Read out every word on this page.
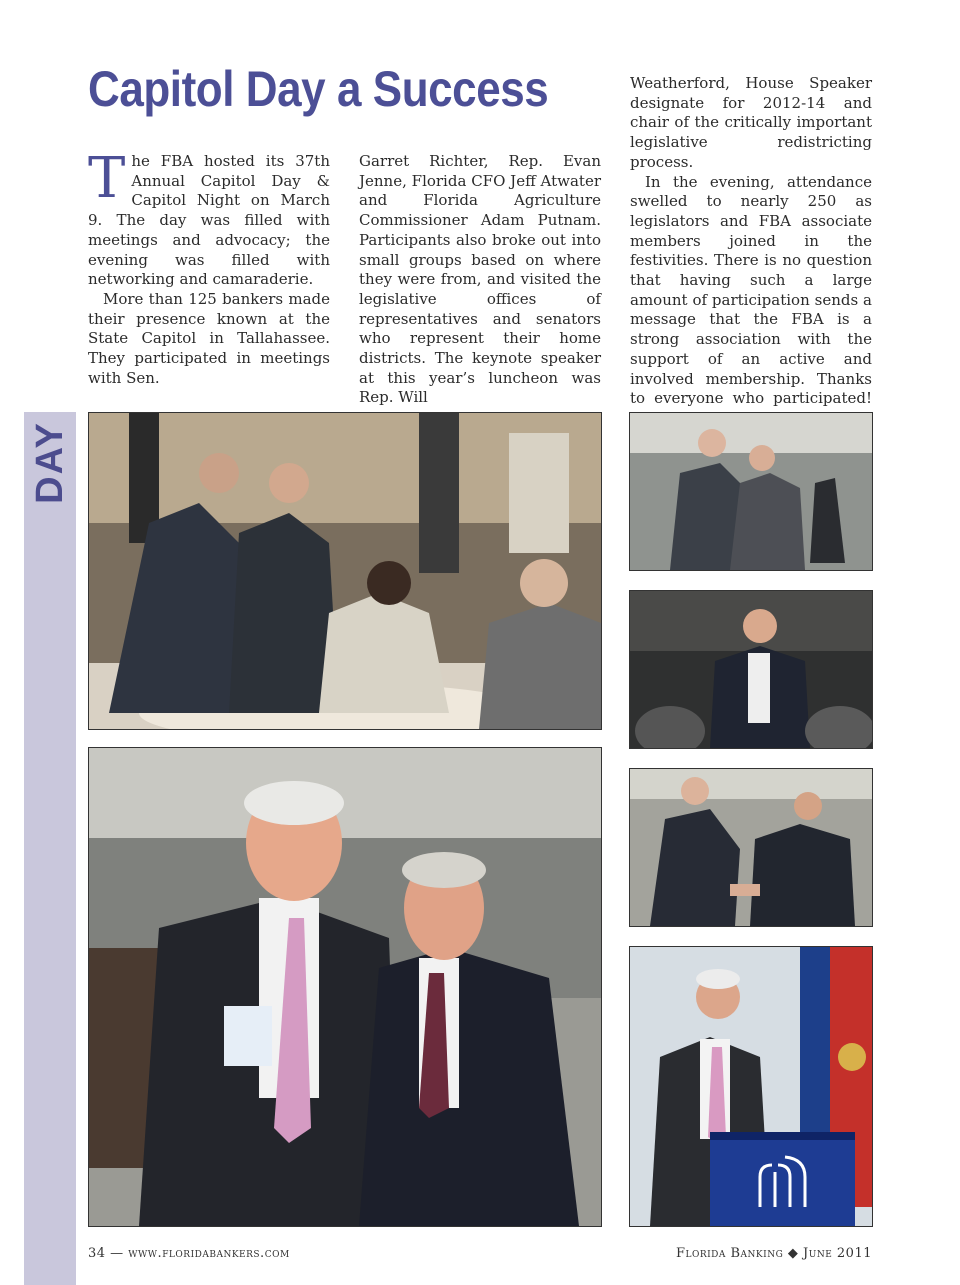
DAY
Capitol Day a Success

The FBA hosted its 37th Annual Capitol Day & Capitol Night on March 9. The day was filled with meetings and advocacy; the evening was filled with networking and camaraderie.

More than 125 bankers made their presence known at the State Capitol in Tallahassee. They participated in meetings with Sen.

Garret Richter, Rep. Evan Jenne, Florida CFO Jeff Atwater and Florida Agriculture Commissioner Adam Putnam. Participants also broke out into small groups based on where they were from, and visited the legislative offices of representatives and senators who represent their home districts. The keynote speaker at this year’s luncheon was Rep. Will

Weatherford, House Speaker designate for 2012-14 and chair of the critically important legislative redistricting process.

In the evening, attendance swelled to nearly 250 as legislators and FBA associate members joined in the festivities. There is no question that having such a large amount of participation sends a message that the FBA is a strong association with the support of an active and involved membership. Thanks to everyone who participated!

34 — www.floridabankers.com	Florida Banking ◆ June 2011
